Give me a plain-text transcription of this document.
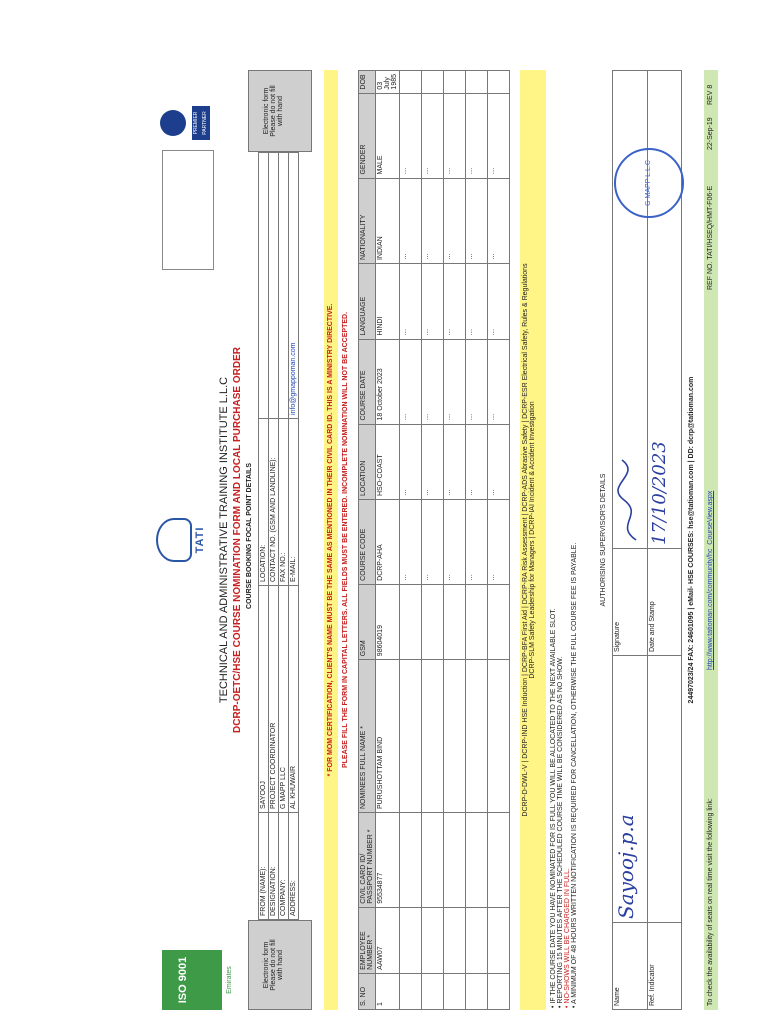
ISO 9001	Emirates
TATI TECHNICAL AND ADMINISTRATIVE TRAINING INSTITUTE L.L.C DCRP-OETC/HSE COURSE NOMINATION FORM AND LOCAL PURCHASE ORDER
PREMIER PARTNER
Electronic form Please do not fill with hand
Electronic form Please do not fill with hand
COURSE BOOKING FOCAL POINT DETAILS
FROM (NAME):	SAYOOJ	LOCATION:	
DESIGNATION:	PROJECT COORDINATOR	CONTACT NO. (GSM AND LANDLINE):	
COMPANY:	G MAPP LLC	FAX NO.:	
ADDRESS:	AL KHUWAIR	E-MAIL:	info@gmappoman.com	* FOR MOM CERTIFICATION, CLIENT'S NAME MUST BE THE SAME AS MENTIONED IN THEIR CIVIL CARD ID. THIS IS A MINISTRY DIRECTIVE.	PLEASE FILL THE FORM IN CAPITAL LETTERS. ALL FIELDS MUST BE ENTERED. INCOMPLETE NOMINATION WILL NOT BE ACCEPTED.
S. NO	EMPLOYEE NUMBER *	CIVIL CARD ID/ PASSPORT NUMBER *	NOMINEES FULL NAME *	GSM	COURSE CODE	LOCATION	COURSE DATE	LANGUAGE	NATIONALITY	GENDER	DOB
1	AAW07	95534877	PURUSHOTTAM BIND	98604019	DCRP-AHA	HSO-COAST	18 October 2023	HINDI	INDIAN	MALE	03 July 1985
					…	…	…	…	…	…	
					…	…	…	…	…	…	
					…	…	…	…	…	…	
					…	…	…	…	…	…	
					…	…	…	…	…	…	
DCRP-D-DWL-V | DCRP-IND HSE Induction | DCRP-BFA First Aid | DCRP-RA Risk Assessment | DCRP-ADS Abrasive Safety | DCRP-ESR Electrical Safety, Rules & Regulations DCRP-SLM Safety Leadership for Managers | DCRP-IAI Incident & Accident Investigation
• IF THE COURSE DATE YOU HAVE NOMINATED FOR IS FULL YOU WILL BE ALLOCATED TO THE NEXT AVAILABLE SLOT. • REPORTING 15 MINUTES AFTER THE SCHEDULED COURSE TIME WILL BE CONSIDERED AS NO SHOW. • NO-SHOWS WILL BE CHARGED IN FULL. • A MINIMUM OF 48 HOURS WRITTEN NOTIFICATION IS REQUIRED FOR CANCELLATION, OTHERWISE THE FULL COURSE FEE IS PAYABLE.
AUTHORISING SUPERVISOR'S DETAILS
Name	Sayooj.p.a	Signature	
Ref. Indicator		Date and Stamp	17/10/2023
G MAPP L.L.C
24497023/24 FAX: 24601095 | eMail- HSE COURSES: hse@tatioman.com | DD: dcrp@tatioman.com
To check the availability of seats on real time visit the following link:
http://www.tatioman.com/community/hc_CourseView.aspx
REF NO. TATI/HSEQ/HMT-F06-E
22-Sep-19
REV 8
